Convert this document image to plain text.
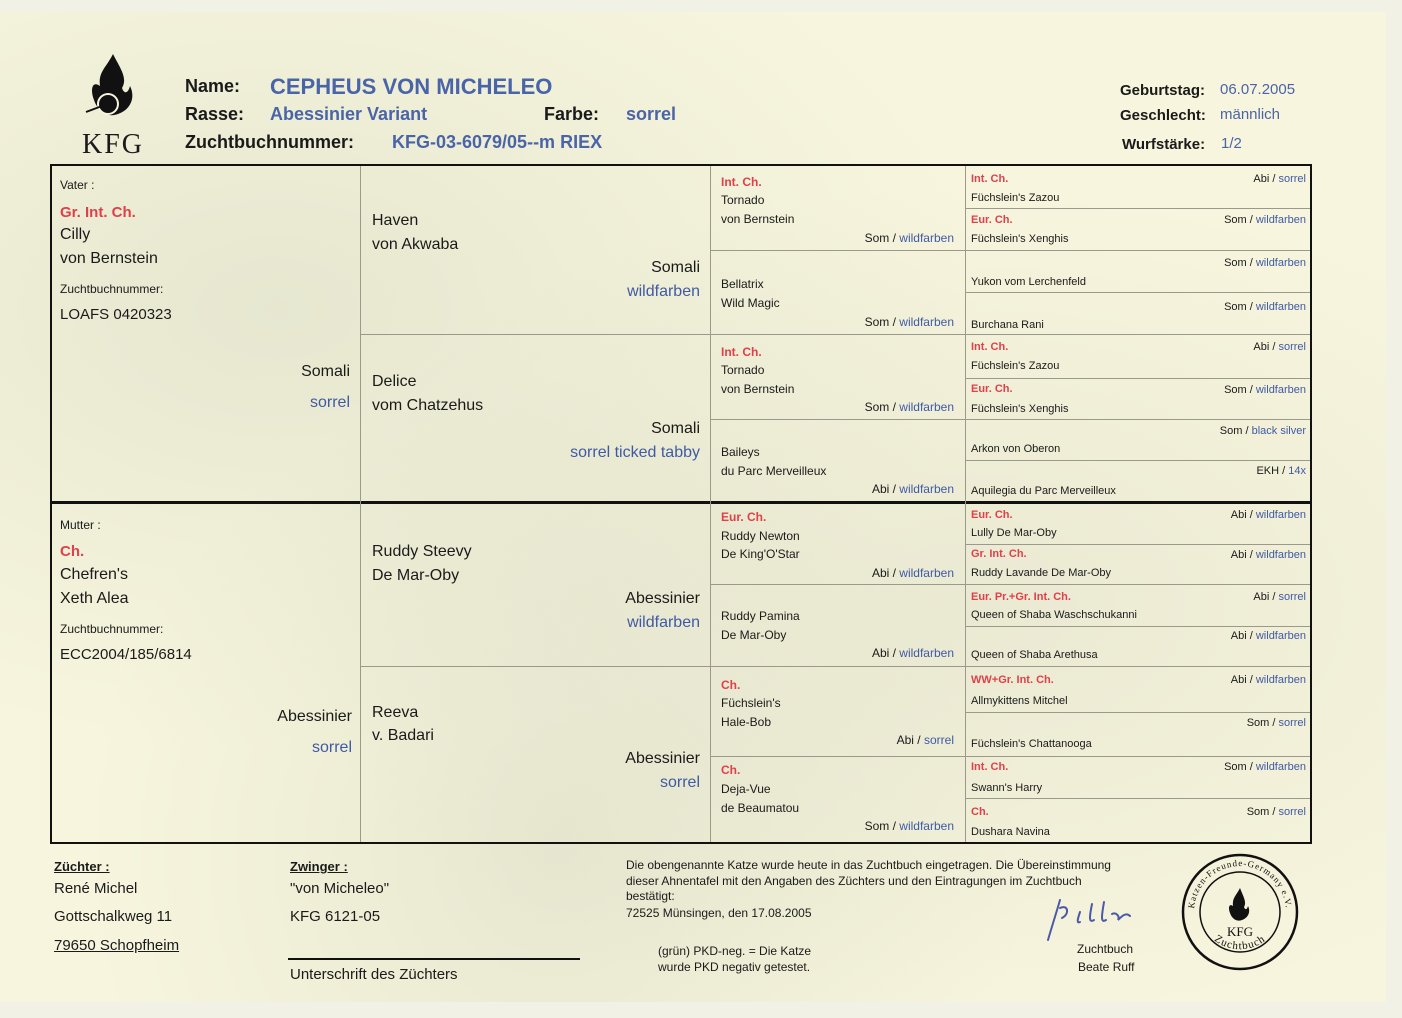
KFG
Name: CEPHEUS VON MICHELEO
Rasse: Abessinier Variant	Farbe: sorrel
Zuchtbuchnummer: KFG-03-6079/05--m RIEX
Geburtstag: 06.07.2005
Geschlecht: männlich
Wurfstärke: 1/2
Vater :
Gr. Int. Ch.
Cilly
von Bernstein
Zuchtbuchnummer:
LOAFS 0420323
Somali
sorrel
Mutter :
Ch.
Chefren's
Xeth Alea
Zuchtbuchnummer:
ECC2004/185/6814
Abessinier
sorrel
Haven
von Akwaba
Somali
wildfarben
Delice
vom Chatzehus
Somali
sorrel ticked tabby
Ruddy Steevy
De Mar-Oby
Abessinier
wildfarben
Reeva
v. Badari
Abessinier
sorrel
Int. Ch.
Tornado
von Bernstein
Som / wildfarben
Bellatrix
Wild Magic
Som / wildfarben
Int. Ch.
Tornado
von Bernstein
Som / wildfarben
Baileys
du Parc Merveilleux
Abi / wildfarben
Eur. Ch.
Ruddy Newton
De King'O'Star
Abi / wildfarben
Ruddy Pamina
De Mar-Oby
Abi / wildfarben
Ch.
Füchslein's
Hale-Bob
Abi / sorrel
Ch.
Deja-Vue
de Beaumatou
Som / wildfarben
Int. Ch.	Abi / sorrel
Füchslein's Zazou
Eur. Ch.	Som / wildfarben
Füchslein's Xenghis
Som / wildfarben
Yukon vom Lerchenfeld
Som / wildfarben
Burchana Rani
Int. Ch.	Abi / sorrel
Füchslein's Zazou
Eur. Ch.	Som / wildfarben
Füchslein's Xenghis
Som / black silver
Arkon von Oberon
EKH / 14x
Aquilegia du Parc Merveilleux
Eur. Ch.	Abi / wildfarben
Lully De Mar-Oby
Gr. Int. Ch.	Abi / wildfarben
Ruddy Lavande De Mar-Oby
Eur. Pr.+Gr. Int. Ch.	Abi / sorrel
Queen of Shaba Waschschukanni
Abi / wildfarben
Queen of Shaba Arethusa
WW+Gr. Int. Ch.	Abi / wildfarben
Allmykittens Mitchel
Som / sorrel
Füchslein's Chattanooga
Int. Ch.	Som / wildfarben
Swann's Harry
Ch.	Som / sorrel
Dushara Navina
Züchter :
René Michel
Gottschalkweg 11
79650 Schopfheim
Zwinger :
"von Micheleo"
KFG 6121-05
Unterschrift des Züchters
Die obengenannte Katze wurde heute in das Zuchtbuch eingetragen. Die Übereinstimmung
dieser Ahnentafel mit den Angaben des Züchters und den Eintragungen im Zuchtbuch
bestätigt:
72525 Münsingen, den 17.08.2005
(grün) PKD-neg. = Die Katze
wurde PKD negativ getestet.
Zuchtbuch
Beate Ruff
Katzen-Freunde-Germany e.V.
Zuchtbuch
KFG
